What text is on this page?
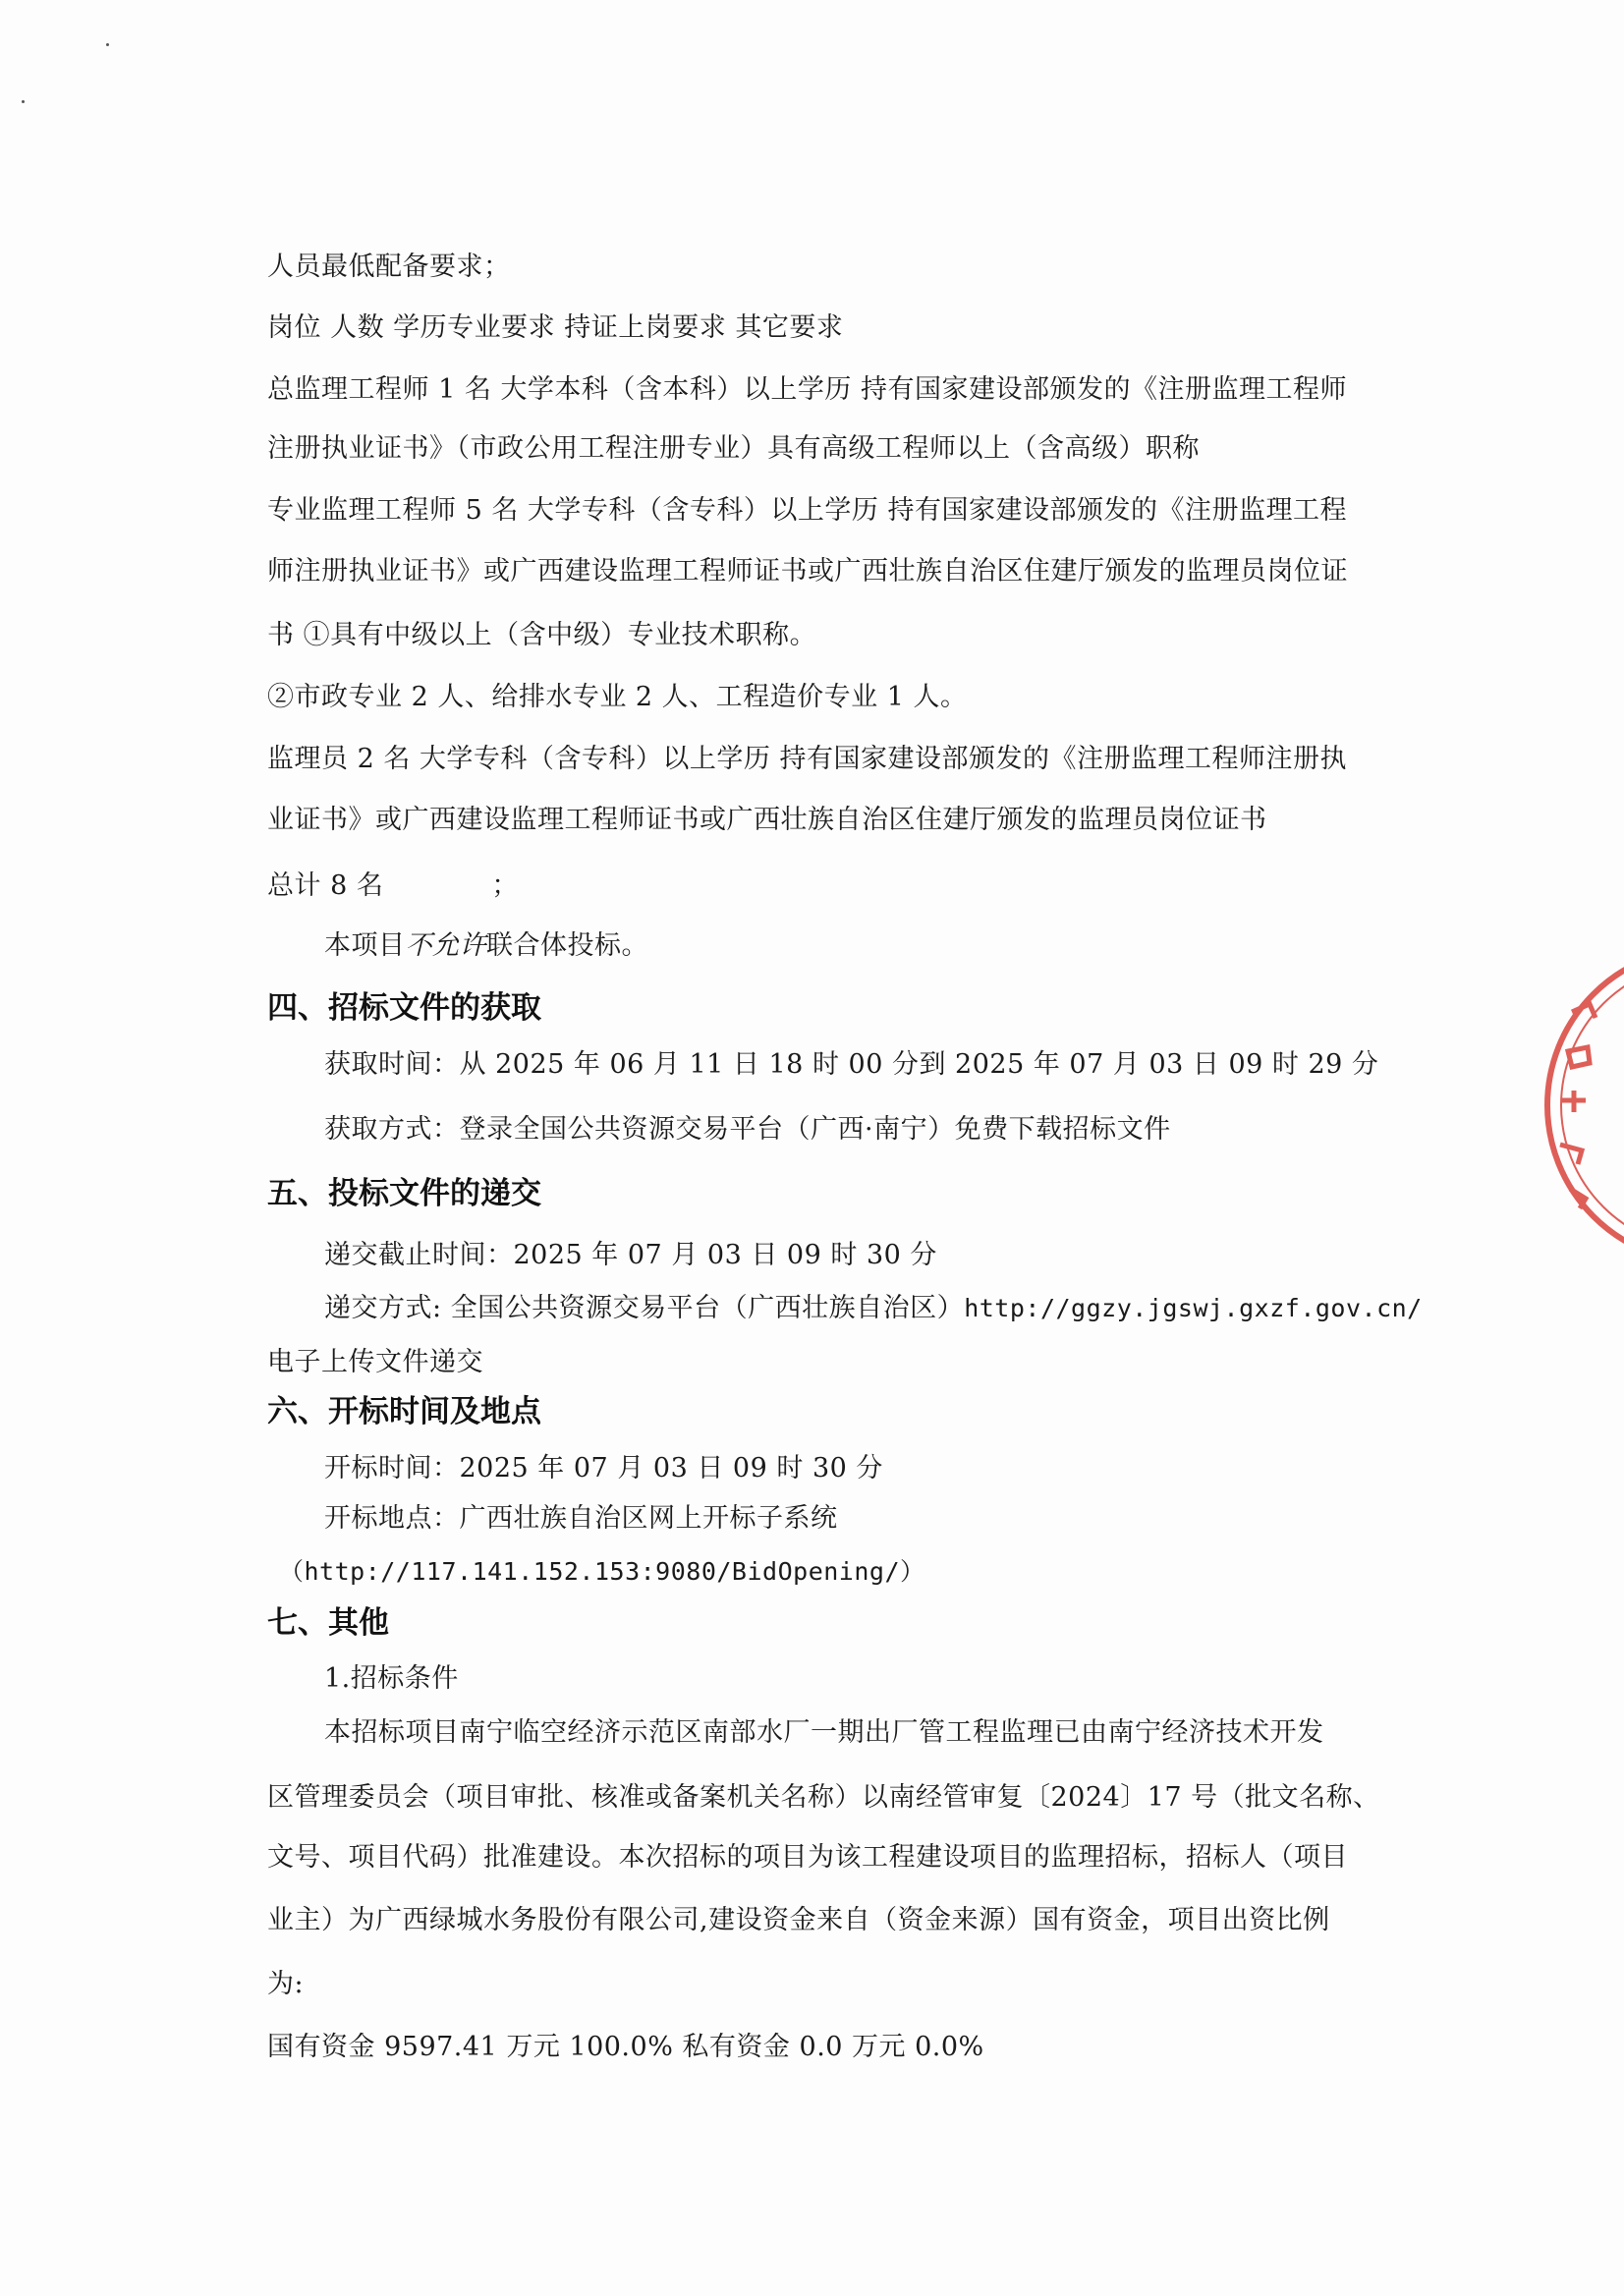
人员最低配备要求；
岗位 人数 学历专业要求 持证上岗要求 其它要求
总监理工程师 1 名 大学本科（含本科）以上学历 持有国家建设部颁发的《注册监理工程师
注册执业证书》（市政公用工程注册专业）具有高级工程师以上（含高级）职称
专业监理工程师 5 名 大学专科（含专科）以上学历 持有国家建设部颁发的《注册监理工程
师注册执业证书》或广西建设监理工程师证书或广西壮族自治区住建厅颁发的监理员岗位证
书 ①具有中级以上（含中级）专业技术职称。
②市政专业 2 人、给排水专业 2 人、工程造价专业 1 人。
监理员 2 名 大学专科（含专科）以上学历 持有国家建设部颁发的《注册监理工程师注册执
业证书》或广西建设监理工程师证书或广西壮族自治区住建厅颁发的监理员岗位证书
总计 8 名　　　　；
本项目不允许联合体投标。
四、招标文件的获取
获取时间：从 2025 年 06 月 11 日 18 时 00 分到 2025 年 07 月 03 日 09 时 29 分
获取方式：登录全国公共资源交易平台（广西·南宁）免费下载招标文件
五、投标文件的递交
递交截止时间：2025 年 07 月 03 日 09 时 30 分
递交方式: 全国公共资源交易平台（广西壮族自治区）http://ggzy.jgswj.gxzf.gov.cn/
电子上传文件递交
六、开标时间及地点
开标时间：2025 年 07 月 03 日 09 时 30 分
开标地点：广西壮族自治区网上开标子系统
（http://117.141.152.153:9080/BidOpening/）
七、其他
1.招标条件
本招标项目南宁临空经济示范区南部水厂一期出厂管工程监理已由南宁经济技术开发
区管理委员会（项目审批、核准或备案机关名称）以南经管审复〔2024〕17 号（批文名称、
文号、项目代码）批准建设。本次招标的项目为该工程建设项目的监理招标，招标人（项目
业主）为广西绿城水务股份有限公司,建设资金来自（资金来源）国有资金，项目出资比例
为:
国有资金 9597.41 万元 100.0% 私有资金 0.0 万元 0.0%
